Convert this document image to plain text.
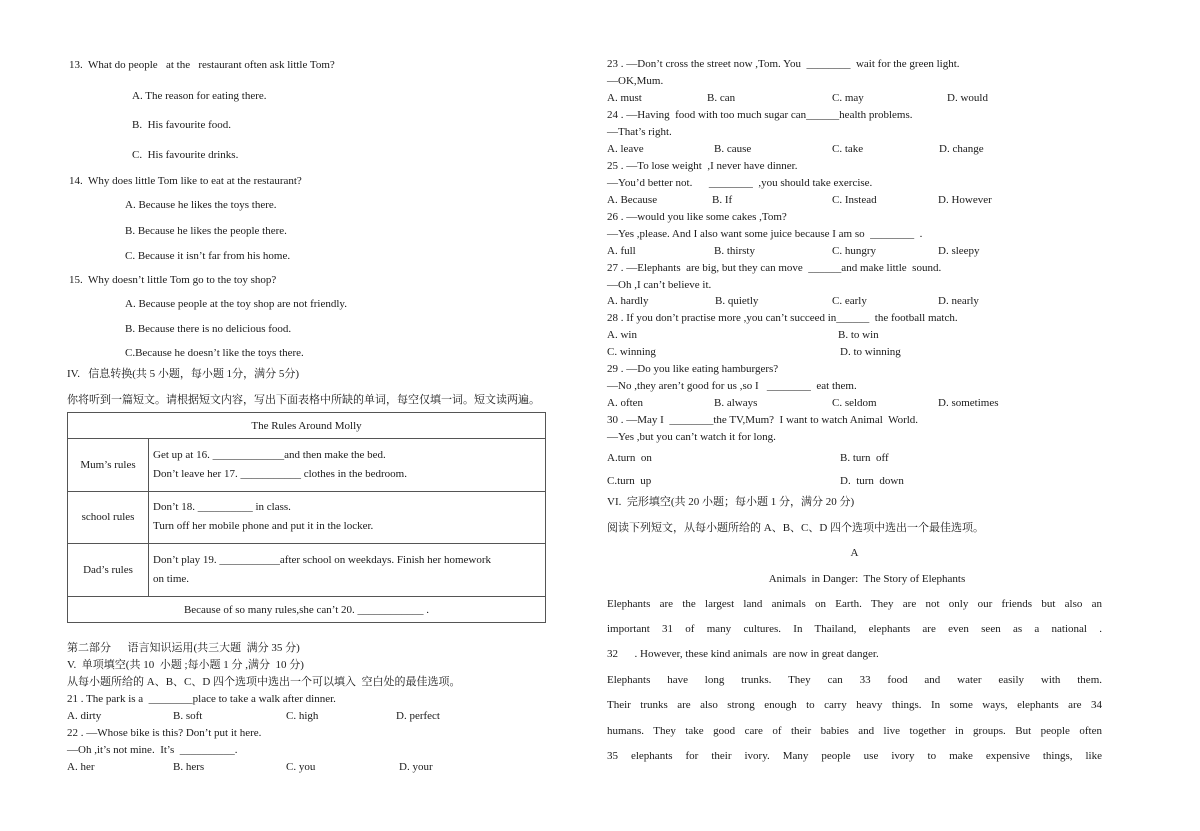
13.  What do people   at the   restaurant often ask little Tom?
A. The reason for eating there.
B.  His favourite food.
C.  His favourite drinks.
14.  Why does little Tom like to eat at the restaurant?
A. Because he likes the toys there.
B. Because he likes the people there.
C. Because it isn’t far from his home.
15.  Why doesn’t little Tom go to the toy shop?
A. Because people at the toy shop are not friendly.
B. Because there is no delicious food.
C.Because he doesn’t like the toys there.
IV.   信息转换(共 5 小题，每小题 1分，满分 5分)
你将听到一篇短文。请根据短文内容，写出下面表格中所缺的单词，每空仅填一词。短文读两遍。
The Rules Around Molly	
Mum’s rules	Get up at 16. _____________and then make the bed.
Don’t leave her 17. ___________ clothes in the bedroom.

school rules	Don’t 18. __________ in class.
Turn off her mobile phone and put it in the locker.

Dad’s rules	Don’t play 19. ___________after school on weekdays. Finish her homework
on time.

Because of so many rules,she can’t 20. ____________ .	
第二部分      语言知识运用(共三大题  满分 35 分)
V.  单项填空(共 10  小题 ;每小题 1 分 ,满分  10 分)
从每小题所给的 A、B、C、D 四个选项中选出一个可以填入  空白处的最佳选项。
21 . The park is a  ________place to take a walk after dinner.
A. dirty	B. soft	C. high	D. perfect
22 . —Whose bike is this? Don’t put it here.
—Oh ,it’s not mine.  It’s  __________.
A. her	B. hers	C. you	D. your
23 . —Don’t cross the street now ,Tom. You  ________  wait for the green light.
—OK,Mum.
A. must	B. can	C. may	D. would
24 . —Having  food with too much sugar can______health problems.
—That’s right.
A. leave	B. cause	C. take	D. change
25 . —To lose weight  ,I never have dinner.
—You’d better not.      ________  ,you should take exercise.
A. Because	B. If	C. Instead	D. However
26 . —would you like some cakes ,Tom?
—Yes ,please. And I also want some juice because I am so  ________  .
A. full	B. thirsty	C. hungry	D. sleepy
27 . —Elephants  are big, but they can move  ______and make little  sound.
—Oh ,I can’t believe it.
A. hardly	B. quietly	C. early	D. nearly
28 . If you don’t practise more ,you can’t succeed in______  the football match.
A. win	B. to win
C. winning	D. to winning
29 . —Do you like eating hamburgers?
—No ,they aren’t good for us ,so I   ________  eat them.
A. often	B. always	C. seldom	D. sometimes
30 . —May I  ________the TV,Mum?  I want to watch Animal  World.
—Yes ,but you can’t watch it for long.
A.turn  on	B. turn  off
C.turn  up	D.  turn  down
VI.  完形填空(共 20 小题；每小题 1 分，满分 20 分)
阅读下列短文，从每小题所给的 A、B、C、D 四个选项中选出一个最佳选项。
A
Animals  in Danger:  The Story of Elephants
Elephants are the largest land animals on Earth. They are not only our friends but also an
important 31 of many cultures. In Thailand, elephants are even seen as a national .
32      . However, these kind animals  are now in great danger.
Elephants have long trunks. They can 33 food and water easily with them.
Their trunks are also strong enough to carry heavy things. In some ways, elephants are 34
humans. They take good care of their babies and live together in groups. But people often
35 elephants for their ivory. Many people use ivory to make expensive things, like
